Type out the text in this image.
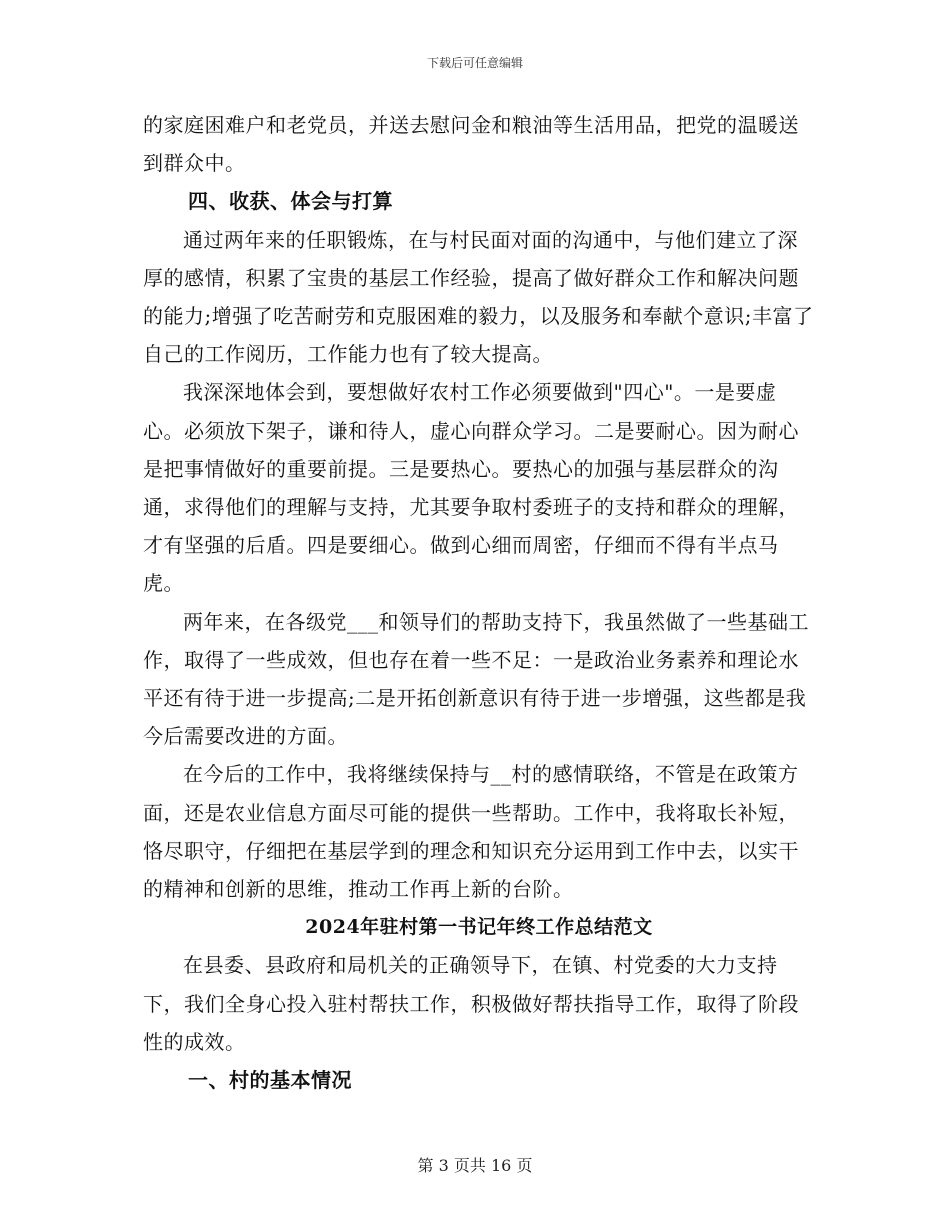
下载后可任意编辑

的家庭困难户和老党员，并送去慰问金和粮油等生活用品，把党的温暖送到群众中。

四、收获、体会与打算

通过两年来的任职锻炼，在与村民面对面的沟通中，与他们建立了深厚的感情，积累了宝贵的基层工作经验，提高了做好群众工作和解决问题的能力;增强了吃苦耐劳和克服困难的毅力，以及服务和奉献个意识;丰富了自己的工作阅历，工作能力也有了较大提高。

我深深地体会到，要想做好农村工作必须要做到"四心"。一是要虚心。必须放下架子，谦和待人，虚心向群众学习。二是要耐心。因为耐心是把事情做好的重要前提。三是要热心。要热心的加强与基层群众的沟通，求得他们的理解与支持，尤其要争取村委班子的支持和群众的理解，才有坚强的后盾。四是要细心。做到心细而周密，仔细而不得有半点马虎。

两年来，在各级党___和领导们的帮助支持下，我虽然做了一些基础工作，取得了一些成效，但也存在着一些不足：一是政治业务素养和理论水平还有待于进一步提高;二是开拓创新意识有待于进一步增强，这些都是我今后需要改进的方面。

在今后的工作中，我将继续保持与__村的感情联络，不管是在政策方面，还是农业信息方面尽可能的提供一些帮助。工作中，我将取长补短，恪尽职守，仔细把在基层学到的理念和知识充分运用到工作中去，以实干的精神和创新的思维，推动工作再上新的台阶。

2024年驻村第一书记年终工作总结范文

在县委、县政府和局机关的正确领导下，在镇、村党委的大力支持下，我们全身心投入驻村帮扶工作，积极做好帮扶指导工作，取得了阶段性的成效。

一、村的基本情况

第 3 页共 16 页
